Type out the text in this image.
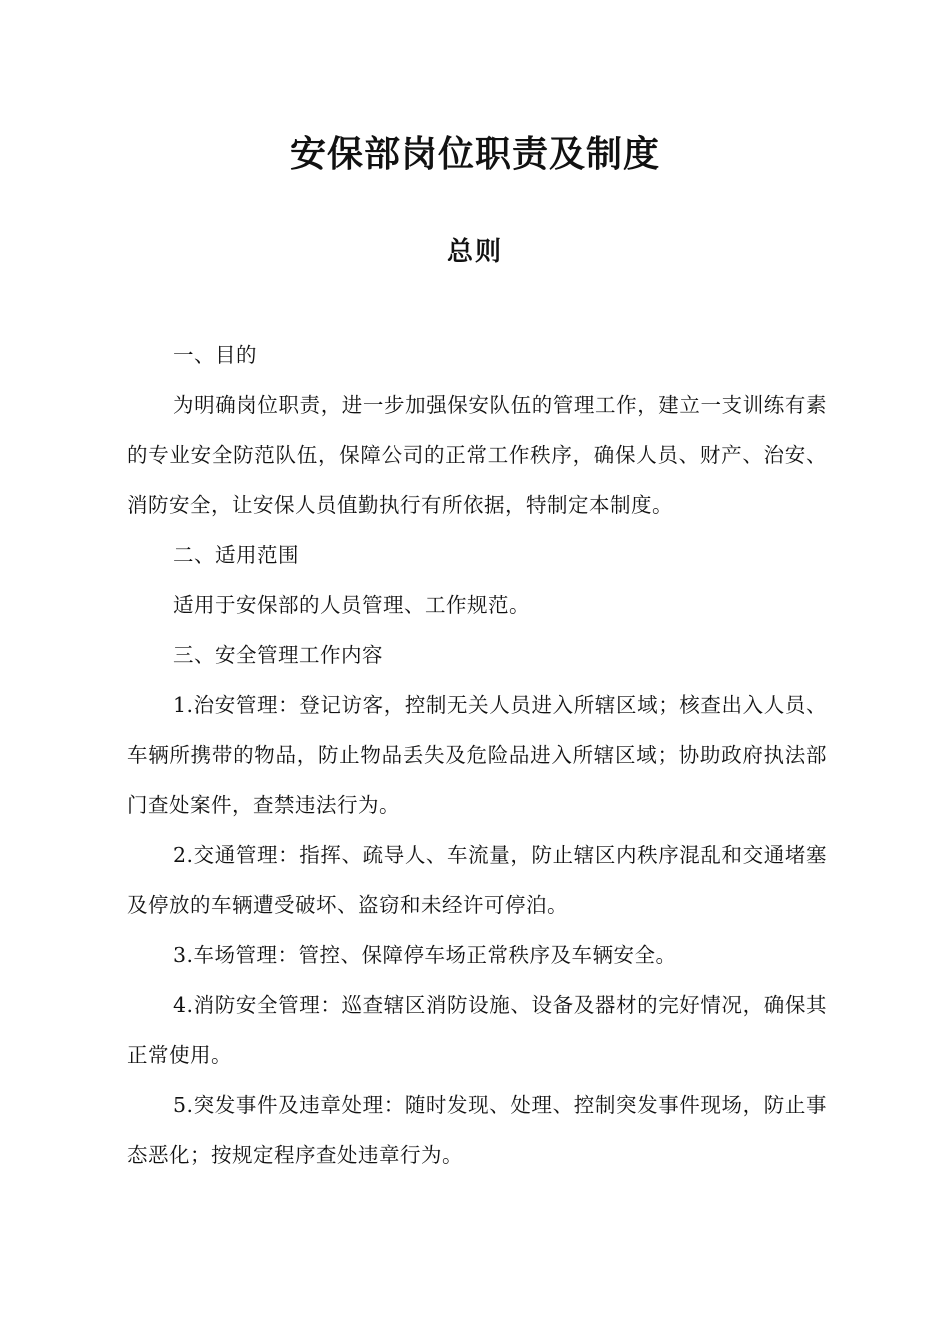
安保部岗位职责及制度
总则

一、目的

为明确岗位职责，进一步加强保安队伍的管理工作，建立一支训练有素的专业安全防范队伍，保障公司的正常工作秩序，确保人员、财产、治安、消防安全，让安保人员值勤执行有所依据，特制定本制度。

二、适用范围

适用于安保部的人员管理、工作规范。

三、安全管理工作内容

1.治安管理：登记访客，控制无关人员进入所辖区域；核查出入人员、车辆所携带的物品，防止物品丢失及危险品进入所辖区域；协助政府执法部门查处案件，查禁违法行为。

2.交通管理：指挥、疏导人、车流量，防止辖区内秩序混乱和交通堵塞及停放的车辆遭受破坏、盗窃和未经许可停泊。

3.车场管理：管控、保障停车场正常秩序及车辆安全。

4.消防安全管理：巡查辖区消防设施、设备及器材的完好情况，确保其正常使用。

5.突发事件及违章处理：随时发现、处理、控制突发事件现场，防止事态恶化；按规定程序查处违章行为。
